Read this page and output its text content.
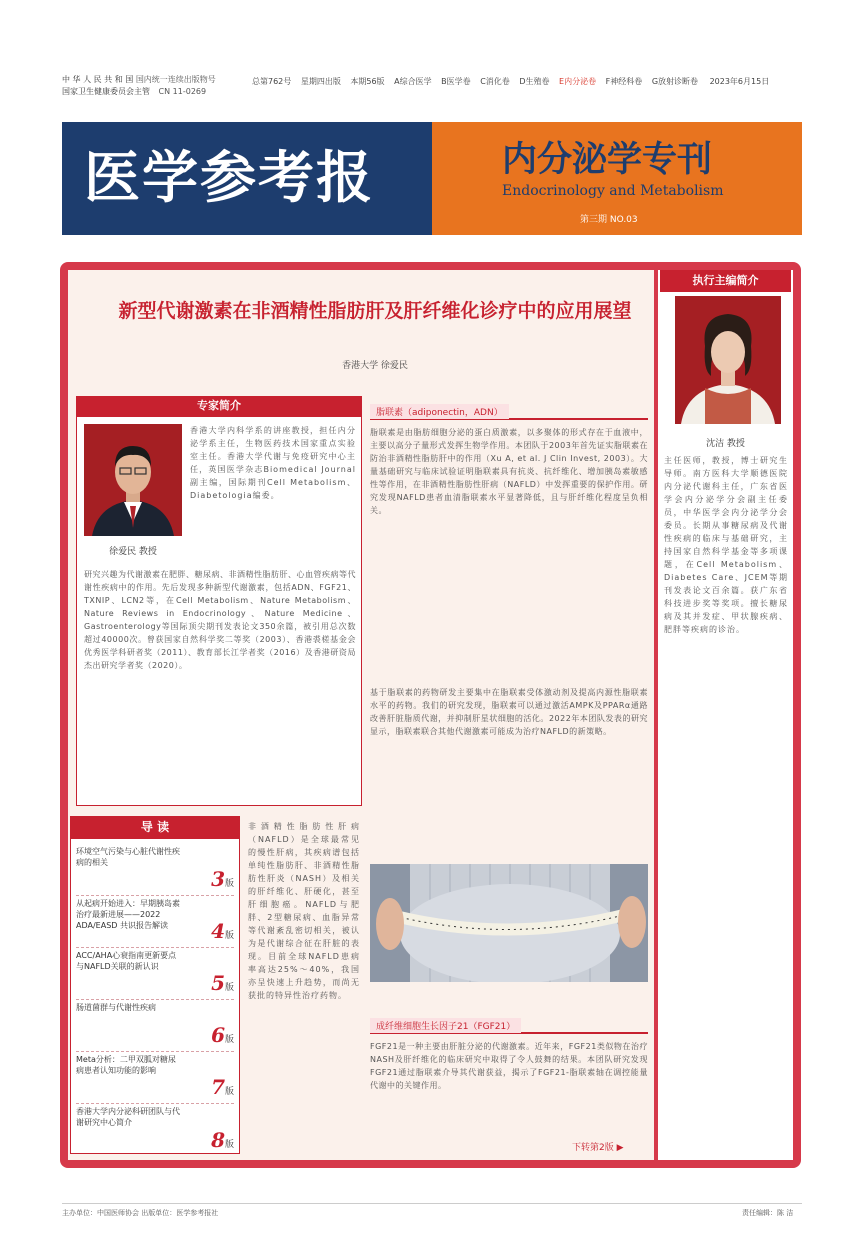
中 华 人 民 共 和 国 国内统一连续出版物号
国家卫生健康委员会主管 CN 11-0269
总第762号 星期四出版 本期56版 A综合医学 B医学卷 C消化卷 D生殖卷 E内分泌卷 F神经科卷 G放射诊断卷 2023年6月15日
医学参考报	内分泌学专刊
Endocrinology and Metabolism
第三期 NO.03
新型代谢激素在非酒精性脂肪肝及肝纤维化诊疗中的应用展望
香港大学 徐爱民
专家简介
徐爱民 教授
香港大学内科学系的讲座教授，担任内分泌学系主任，生物医药技术国家重点实验室主任。香港大学代谢与免疫研究中心主任，英国医学杂志Biomedical Journal副主编，国际期刊Cell Metabolism、Diabetologia编委。
研究兴趣为代谢激素在肥胖、糖尿病、非酒精性脂肪肝、心血管疾病等代谢性疾病中的作用。先后发现多种新型代谢激素，包括ADN、FGF21、TXNIP、LCN2等，在Cell Metabolism、Nature Metabolism、Nature Reviews in Endocrinology、Nature Medicine、Gastroenterology等国际顶尖期刊发表论文350余篇，被引用总次数超过40000次。曾获国家自然科学奖二等奖（2003）、香港裘槎基金会优秀医学科研者奖（2011）、教育部长江学者奖（2016）及香港研资局杰出研究学者奖（2020）。
脂联素（adiponectin，ADN）
脂联素是由脂肪细胞分泌的蛋白质激素，以多聚体的形式存在于血液中，主要以高分子量形式发挥生物学作用。本团队于2003年首先证实脂联素在防治非酒精性脂肪肝中的作用（Xu A, et al. J Clin Invest, 2003）。大量基础研究与临床试验证明脂联素具有抗炎、抗纤维化、增加胰岛素敏感性等作用，在非酒精性脂肪性肝病（NAFLD）中发挥重要的保护作用。研究发现NAFLD患者血清脂联素水平显著降低，且与肝纤维化程度呈负相关。
基于脂联素的药物研发主要集中在脂联素受体激动剂及提高内源性脂联素水平的药物。我们的研究发现，脂联素可以通过激活AMPK及PPARα通路改善肝脏脂质代谢，并抑制肝星状细胞的活化。2022年本团队发表的研究显示，脂联素联合其他代谢激素可能成为治疗NAFLD的新策略。
成纤维细胞生长因子21（FGF21）
FGF21是一种主要由肝脏分泌的代谢激素。近年来，FGF21类似物在治疗NASH及肝纤维化的临床研究中取得了令人鼓舞的结果。本团队研究发现FGF21通过脂联素介导其代谢获益，揭示了FGF21-脂联素轴在调控能量代谢中的关键作用。
下转第2版 ▶
非酒精性脂肪性肝病（NAFLD）是全球最常见的慢性肝病，其疾病谱包括单纯性脂肪肝、非酒精性脂肪性肝炎（NASH）及相关的肝纤维化、肝硬化，甚至肝细胞癌。NAFLD与肥胖、2型糖尿病、血脂异常等代谢紊乱密切相关，被认为是代谢综合征在肝脏的表现。目前全球NAFLD患病率高达25%～40%，我国亦呈快速上升趋势，而尚无获批的特异性治疗药物。
导 读
环境空气污染与心脏代谢性疾病的相关
3版
从起病开始进入：早期胰岛素治疗最新进展——2022 ADA/EASD 共识报告解读	4版
ACC/AHA心衰指南更新要点与NAFLD关联的新认识
5版
肠道菌群与代谢性疾病
6版
Meta分析：二甲双胍对糖尿病患者认知功能的影响
7版
香港大学内分泌科研团队与代谢研究中心简介
8版
执行主编简介
沈洁 教授
主任医师，教授，博士研究生导师。南方医科大学顺德医院内分泌代谢科主任，广东省医学会内分泌学分会副主任委员，中华医学会内分泌学分会委员。长期从事糖尿病及代谢性疾病的临床与基础研究，主持国家自然科学基金等多项课题，在Cell Metabolism、Diabetes Care、JCEM等期刊发表论文百余篇。获广东省科技进步奖等奖项。擅长糖尿病及其并发症、甲状腺疾病、肥胖等疾病的诊治。
主办单位：中国医师协会 出版单位：医学参考报社	责任编辑：陈 洁
